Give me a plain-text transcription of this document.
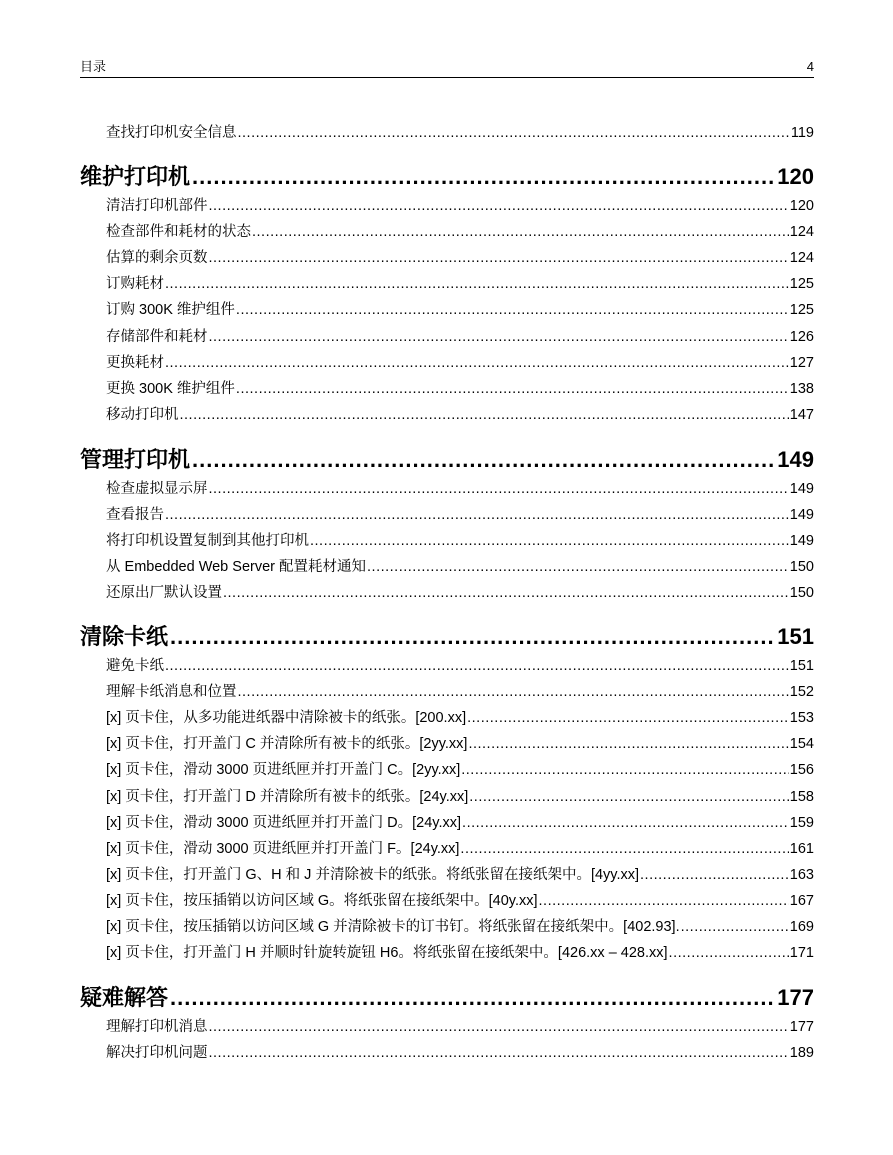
目录	4
查找打印机安全信息 .....	119
维护打印机 .....	120
清洁打印机部件 .....	120
检查部件和耗材的状态 .....	124
估算的剩余页数 .....	124
订购耗材 .....	125
订购 300K 维护组件 .....	125
存储部件和耗材 .....	126
更换耗材 .....	127
更换 300K 维护组件 .....	138
移动打印机 .....	147
管理打印机 .....	149
检查虚拟显示屏 .....	149
查看报告 .....	149
将打印机设置复制到其他打印机 .....	149
从 Embedded Web Server 配置耗材通知 .....	150
还原出厂默认设置 .....	150
清除卡纸 .....	151
避免卡纸 .....	151
理解卡纸消息和位置 .....	152
[x] 页卡住，从多功能进纸器中清除被卡的纸张。[200.xx] .....	153
[x] 页卡住，打开盖门 C 并清除所有被卡的纸张。[2yy.xx] .....	154
[x] 页卡住，滑动 3000 页进纸匣并打开盖门 C。[2yy.xx] .....	156
[x] 页卡住，打开盖门 D 并清除所有被卡的纸张。[24y.xx] .....	158
[x] 页卡住，滑动 3000 页进纸匣并打开盖门 D。[24y.xx] .....	159
[x] 页卡住，滑动 3000 页进纸匣并打开盖门 F。[24y.xx] .....	161
[x] 页卡住，打开盖门 G、H 和 J 并清除被卡的纸张。将纸张留在接纸架中。[4yy.xx] .....	163
[x] 页卡住，按压插销以访问区域 G。将纸张留在接纸架中。[40y.xx] .....	167
[x] 页卡住，按压插销以访问区域 G 并清除被卡的订书钉。将纸张留在接纸架中。[402.93]. .....	169
[x] 页卡住，打开盖门 H 并顺时针旋转旋钮 H6。将纸张留在接纸架中。[426.xx – 428.xx] .....	171
疑难解答 .....	177
理解打印机消息 .....	177
解决打印机问题 .....	189
